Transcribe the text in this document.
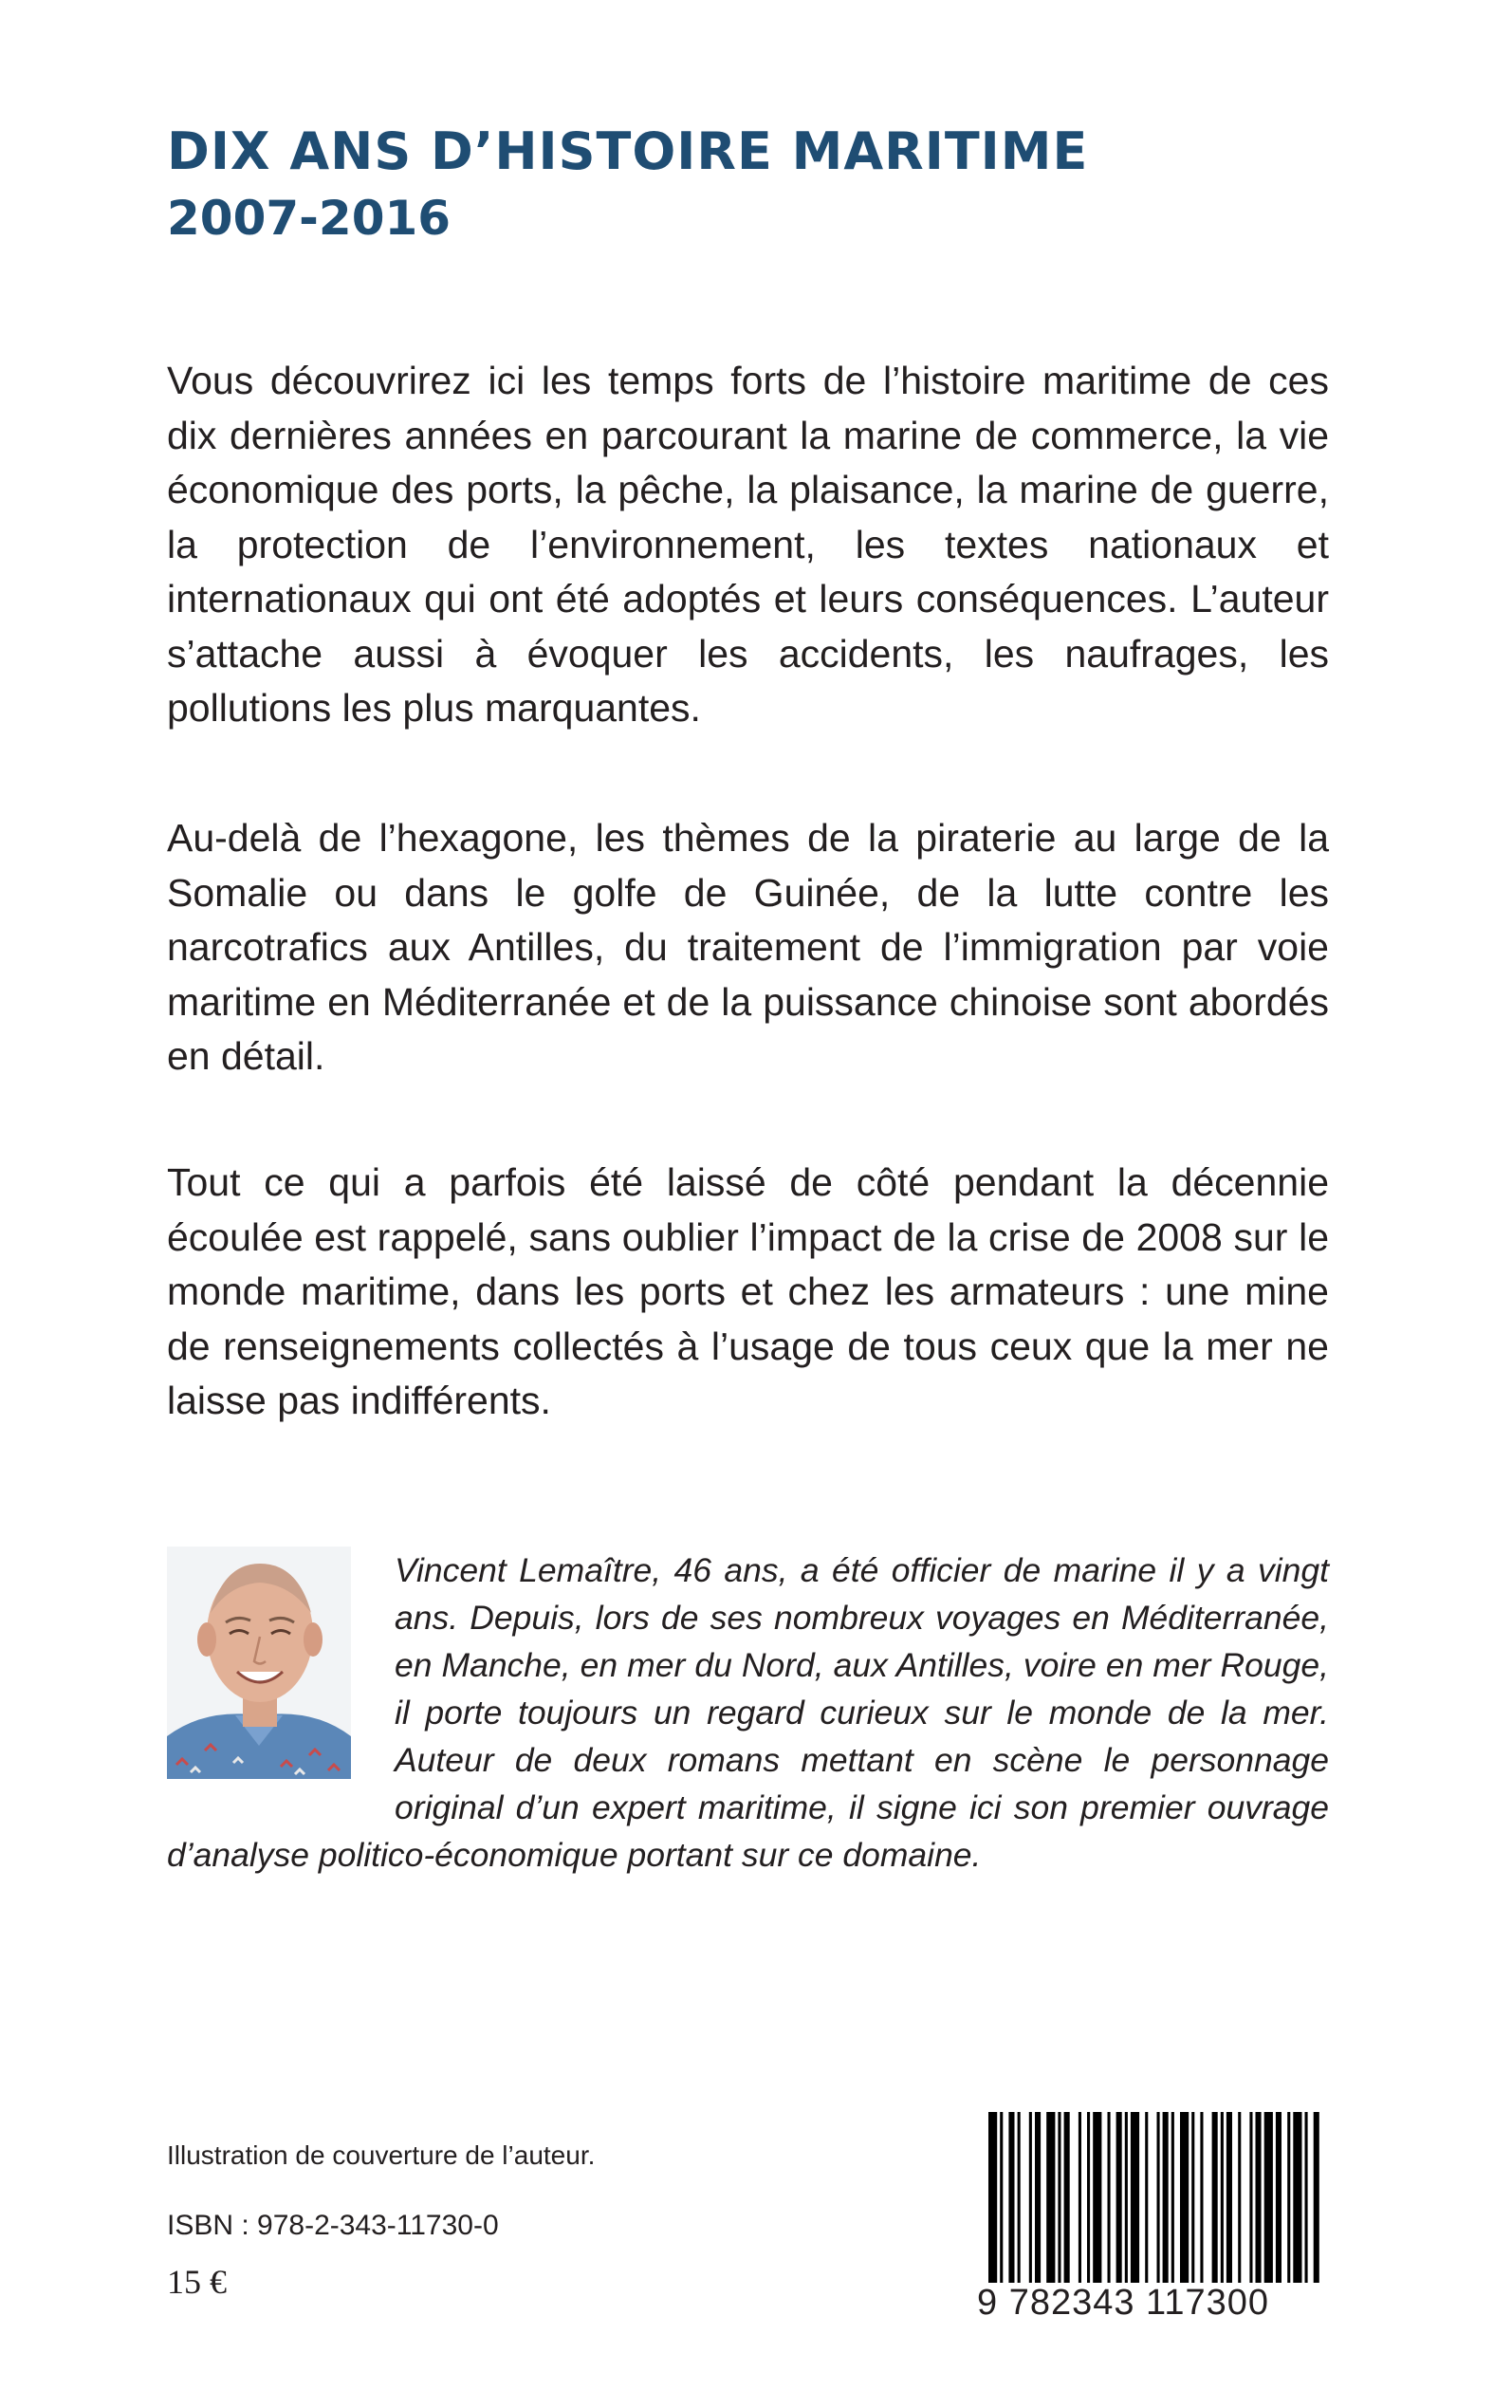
DIX ANS D’HISTOIRE MARITIME
2007-2016

Vous découvrirez ici les temps forts de l’histoire maritime de ces dix dernières années en parcourant la marine de commerce, la vie économique des ports, la pêche, la plaisance, la marine de guerre, la protection de l’environnement, les textes nationaux et internationaux qui ont été adoptés et leurs conséquences. L’auteur s’attache aussi à évoquer les accidents, les naufrages, les pollutions les plus marquantes.

Au-delà de l’hexagone, les thèmes de la piraterie au large de la Somalie ou dans le golfe de Guinée, de la lutte contre les narcotrafics aux Antilles, du traitement de l’immigration par voie maritime en Méditerranée et de la puissance chinoise sont abordés en détail.

Tout ce qui a parfois été laissé de côté pendant la décennie écoulée est rappelé, sans oublier l’impact de la crise de 2008 sur le monde maritime, dans les ports et chez les armateurs : une mine de renseignements collectés à l’usage de tous ceux que la mer ne laisse pas indifférents.

Vincent Lemaître, 46 ans, a été officier de marine il y a vingt ans. Depuis, lors de ses nombreux voyages en Méditerranée, en Manche, en mer du Nord, aux Antilles, voire en mer Rouge, il porte toujours un regard curieux sur le monde de la mer. Auteur de deux romans mettant en scène le personnage original d’un expert maritime, il signe ici son premier ouvrage d’analyse politico-économique portant sur ce domaine.

Illustration de couverture de l’auteur.

ISBN : 978-2-343-11730-0

15 €

9 782343 117300
